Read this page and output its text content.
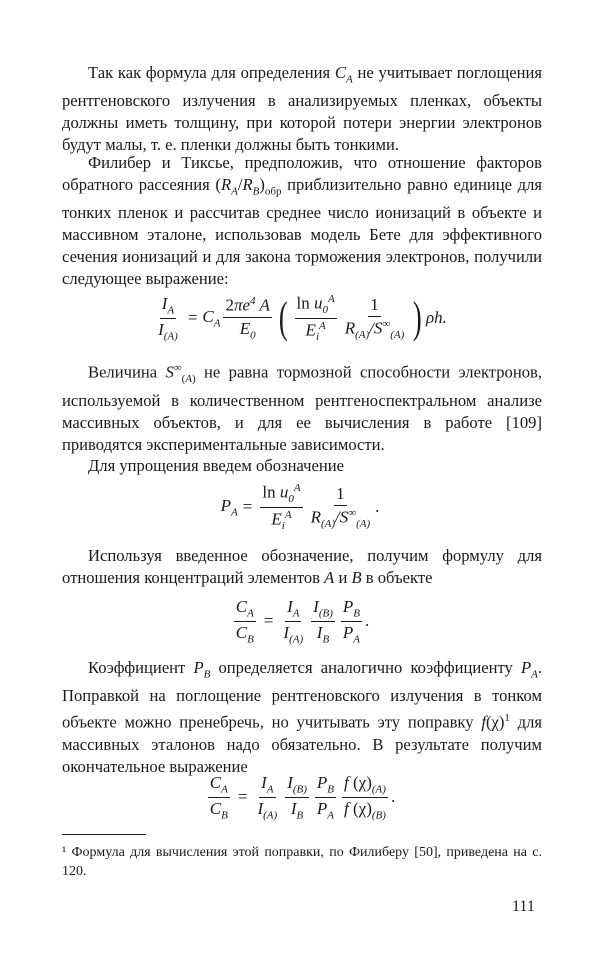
Так как формула для определения $C_A$ не учитывает поглощения рентгеновского излучения в анализируемых пленках, объекты должны иметь толщину, при которой потери энергии электронов будут малы, т. е. пленки должны быть тонкими.

Филибер и Тиксье, предположив, что отношение факторов обратного рассеяния $(R_A/R_B)_{обр}$ приблизительно равно единице для тонких пленок и рассчитав среднее число ионизаций в объекте и массивном эталоне, использовав модель Бете для эффективного сечения ионизаций и для закона торможения электронов, получили следующее выражение:

$\frac{I_A}{I_{(A)}} = C_A \frac{2\pi e^4 A}{E_0}$ ( $\frac{\ln u_0^A}{E_i^A} \frac{1}{R_{(A)}/S^\infty_{(A)}}$ ) ρh.

Величина $S^\infty_{(A)}$ не равна тормозной способности электронов, используемой в количественном рентгеноспектральном анализе массивных объектов, и для ее вычисления в работе [109] приводятся экспериментальные зависимости.

Для упрощения введем обозначение

$P_A = \frac{\ln u_0^A}{E_i^A} \frac{1}{R_{(A)}/S^\infty_{(A)}}$ .

Используя введенное обозначение, получим формулу для отношения концентраций элементов A и B в объекте

$\frac{C_A}{C_B} = \frac{I_A}{I_{(A)}} \frac{I_{(B)}}{I_B} \frac{P_B}{P_A}$ .

Коэффициент $P_B$ определяется аналогично коэффициенту $P_A$. Поправкой на поглощение рентгеновского излучения в тонком объекте можно пренебречь, но учитывать эту поправку $f(\chi)^1$ для массивных эталонов надо обязательно. В результате получим окончательное выражение

$\frac{C_A}{C_B} = \frac{I_A}{I_{(A)}} \frac{I_{(B)}}{I_B} \frac{P_B}{P_A} \frac{f (\chi)_{(A)}}{f (\chi)_{(B)}}$ .
¹ Формула для вычисления этой поправки, по Филиберу [50], приведена на с. 120.
111
